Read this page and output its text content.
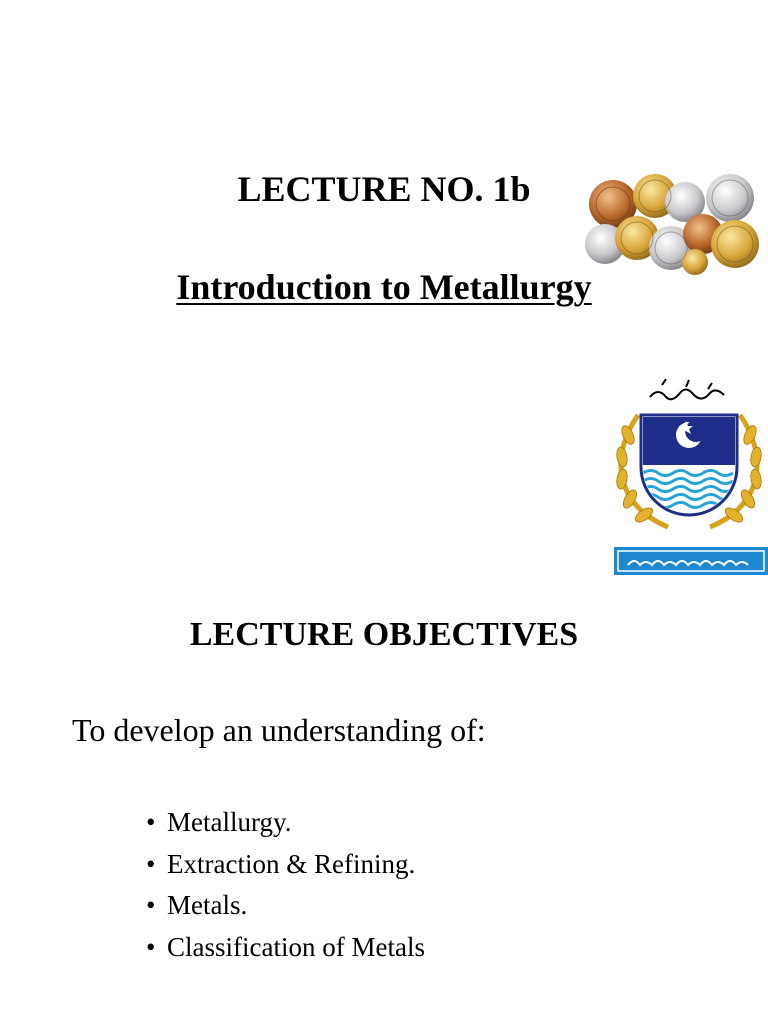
LECTURE NO. 1b
Introduction to Metallurgy
LECTURE OBJECTIVES
To develop an understanding of:
• Metallurgy.
• Extraction & Refining.
• Metals.
• Classification of Metals
